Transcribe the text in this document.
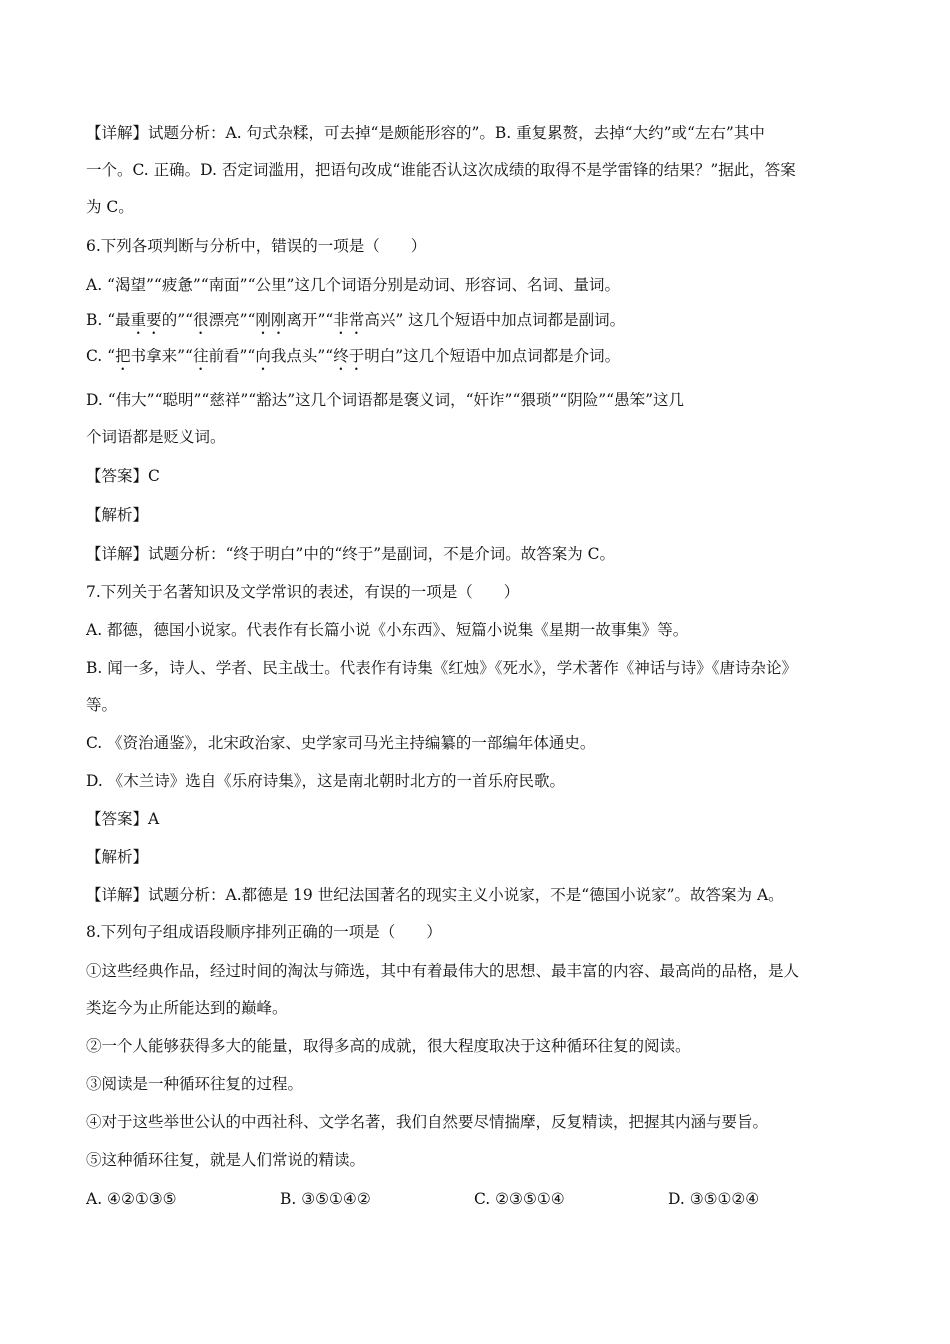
【详解】试题分析：A. 句式杂糅，可去掉“是颇能形容的”。B. 重复累赘，去掉“大约”或“左右”其中
一个。C. 正确。D. 否定词滥用，把语句改成“谁能否认这次成绩的取得不是学雷锋的结果？”据此，答案
为 C。
6.下列各项判断与分析中，错误的一项是（　　）
A. “渴望”“疲惫”“南面”“公里”这几个词语分别是动词、形容词、名词、量词。
B. “最重要的”“很漂亮”“刚刚离开”“非常高兴” 这几个短语中加点词都是副词。
C. “把书拿来”“往前看”“向我点头”“终于明白”这几个短语中加点词都是介词。
D. “伟大”“聪明”“慈祥”“豁达”这几个词语都是褒义词，“奸诈”“猥琐”“阴险”“愚笨”这几
个词语都是贬义词。
【答案】C
【解析】
【详解】试题分析：“终于明白”中的“终于”是副词，不是介词。故答案为 C。
7.下列关于名著知识及文学常识的表述，有误的一项是（　　）
A. 都德，德国小说家。代表作有长篇小说《小东西》、短篇小说集《星期一故事集》等。
B. 闻一多，诗人、学者、民主战士。代表作有诗集《红烛》《死水》，学术著作《神话与诗》《唐诗杂论》
等。
C. 《资治通鉴》，北宋政治家、史学家司马光主持编纂的一部编年体通史。
D. 《木兰诗》选自《乐府诗集》，这是南北朝时北方的一首乐府民歌。
【答案】A
【解析】
【详解】试题分析：A.都德是 19 世纪法国著名的现实主义小说家，不是“德国小说家”。故答案为 A。
8.下列句子组成语段顺序排列正确的一项是（　　）
①这些经典作品，经过时间的淘汰与筛选，其中有着最伟大的思想、最丰富的内容、最高尚的品格，是人
类迄今为止所能达到的巅峰。
②一个人能够获得多大的能量，取得多高的成就，很大程度取决于这种循环往复的阅读。
③阅读是一种循环往复的过程。
④对于这些举世公认的中西社科、文学名著，我们自然要尽情揣摩，反复精读，把握其内涵与要旨。
⑤这种循环往复，就是人们常说的精读。
A. ④②①③⑤	B. ③⑤①④②	C. ②③⑤①④	D. ③⑤①②④
